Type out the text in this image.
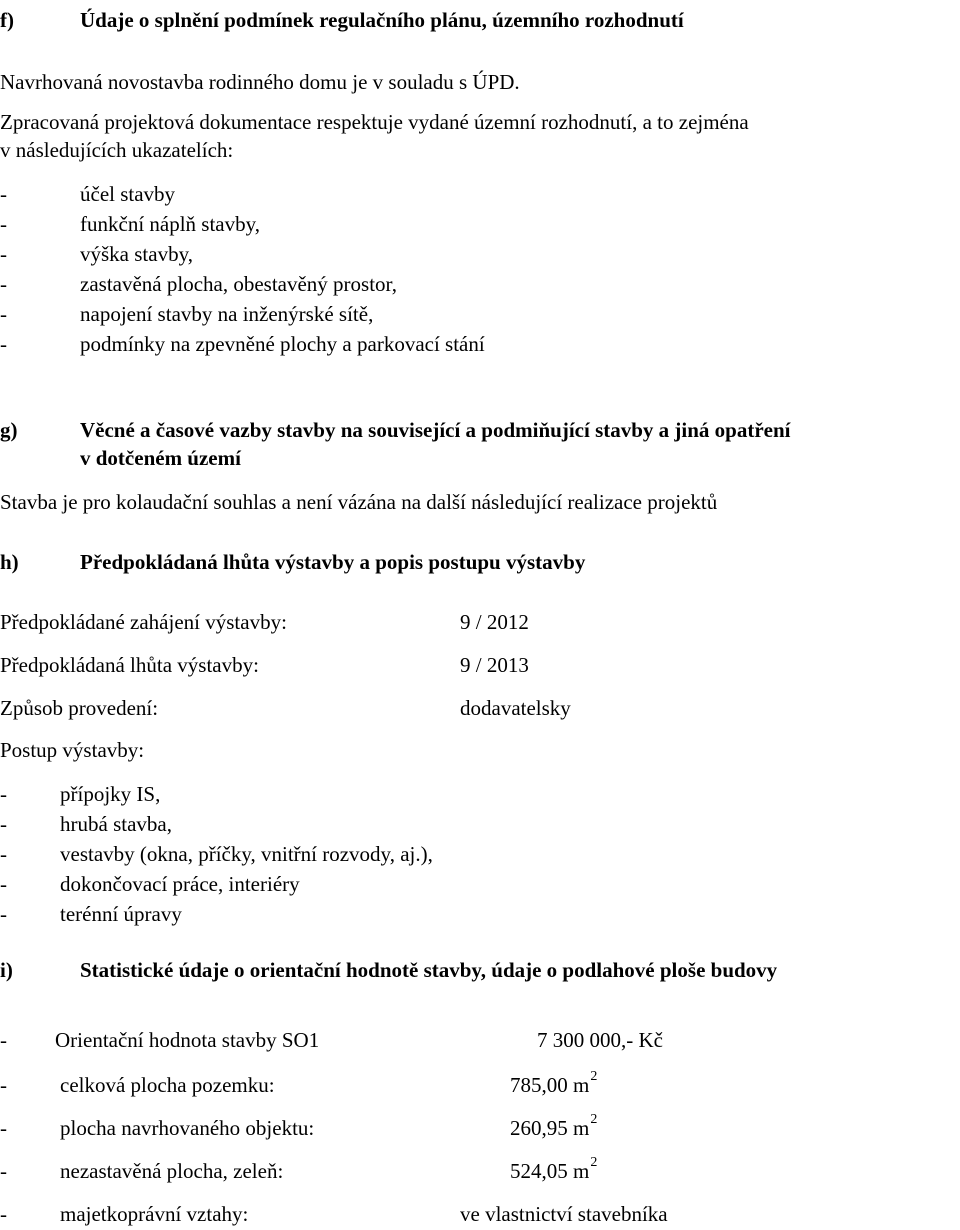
f)	Údaje o splnění podmínek regulačního plánu, územního rozhodnutí
Navrhovaná novostavba rodinného domu je v souladu s ÚPD.
Zpracovaná projektová dokumentace respektuje vydané územní rozhodnutí, a to zejména
v následujících ukazatelích:
-	účel stavby
-	funkční náplň stavby,
-	výška stavby,
-	zastavěná plocha, obestavěný prostor,
-	napojení stavby na inženýrské sítě,
-	podmínky na zpevněné plochy a parkovací stání
g)	Věcné a časové vazby stavby na související a podmiňující stavby a jiná opatření
v dotčeném území
Stavba je pro kolaudační souhlas a není vázána na další následující realizace projektů
h)	Předpokládaná lhůta výstavby a popis postupu výstavby
Předpokládané zahájení výstavby:	9 / 2012
Předpokládaná lhůta výstavby:	9 / 2013
Způsob provedení:	dodavatelsky
Postup výstavby:
-	přípojky IS,
-	hrubá stavba,
-	vestavby (okna, příčky, vnitřní rozvody, aj.),
-	dokončovací práce, interiéry
-	terénní úpravy
i)	Statistické údaje o orientační hodnotě stavby, údaje o podlahové ploše budovy
- Orientační hodnota stavby SO1	7 300 000,- Kč
-	celková plocha pozemku:	785,00 $m^2$
-	plocha navrhovaného objektu:	260,95 $m^2$
-	nezastavěná plocha, zeleň:	524,05 $m^2$
-	majetkoprávní vztahy:	ve vlastnictví stavebníka
